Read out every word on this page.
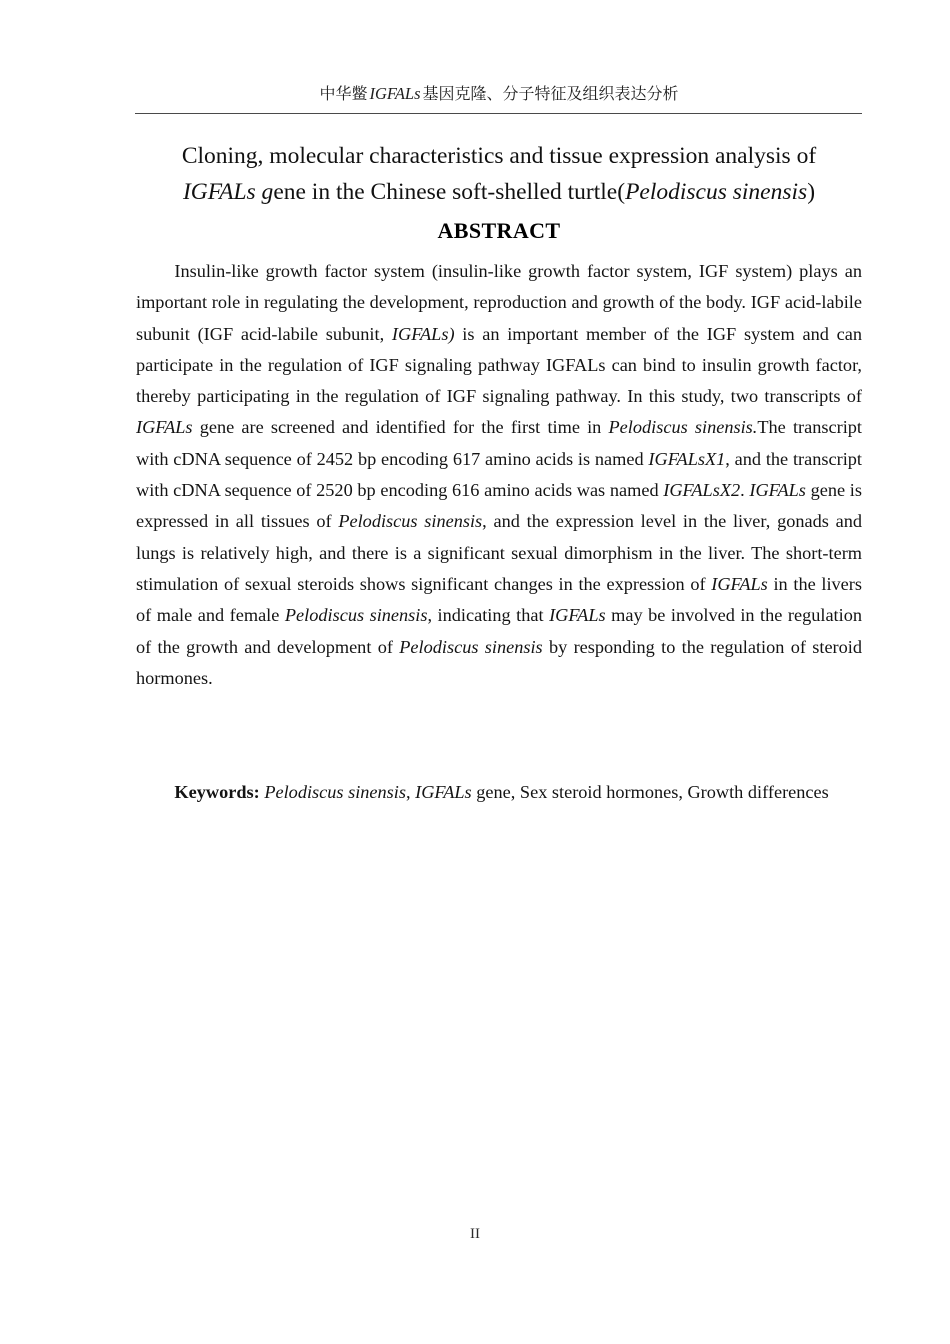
中华鳖 IGFALs 基因克隆、分子特征及组织表达分析
Cloning, molecular characteristics and tissue expression analysis of
IGFALs gene in the Chinese soft-shelled turtle(Pelodiscus sinensis)
ABSTRACT

Insulin-like growth factor system (insulin-like growth factor system, IGF system) plays an important role in regulating the development, reproduction and growth of the body. IGF acid-labile subunit (IGF acid-labile subunit, IGFALs) is an important member of the IGF system and can participate in the regulation of IGF signaling pathway IGFALs can bind to insulin growth factor, thereby participating in the regulation of IGF signaling pathway. In this study, two transcripts of IGFALs gene are screened and identified for the first time in Pelodiscus sinensis.The transcript with cDNA sequence of 2452 bp encoding 617 amino acids is named IGFALsX1, and the transcript with cDNA sequence of 2520 bp encoding 616 amino acids was named IGFALsX2. IGFALs gene is expressed in all tissues of Pelodiscus sinensis, and the expression level in the liver, gonads and lungs is relatively high, and there is a significant sexual dimorphism in the liver. The short-term stimulation of sexual steroids shows significant changes in the expression of IGFALs in the livers of male and female Pelodiscus sinensis, indicating that IGFALs may be involved in the regulation of the growth and development of Pelodiscus sinensis by responding to the regulation of steroid hormones.

Keywords: Pelodiscus sinensis, IGFALs gene, Sex steroid hormones, Growth differences
II
